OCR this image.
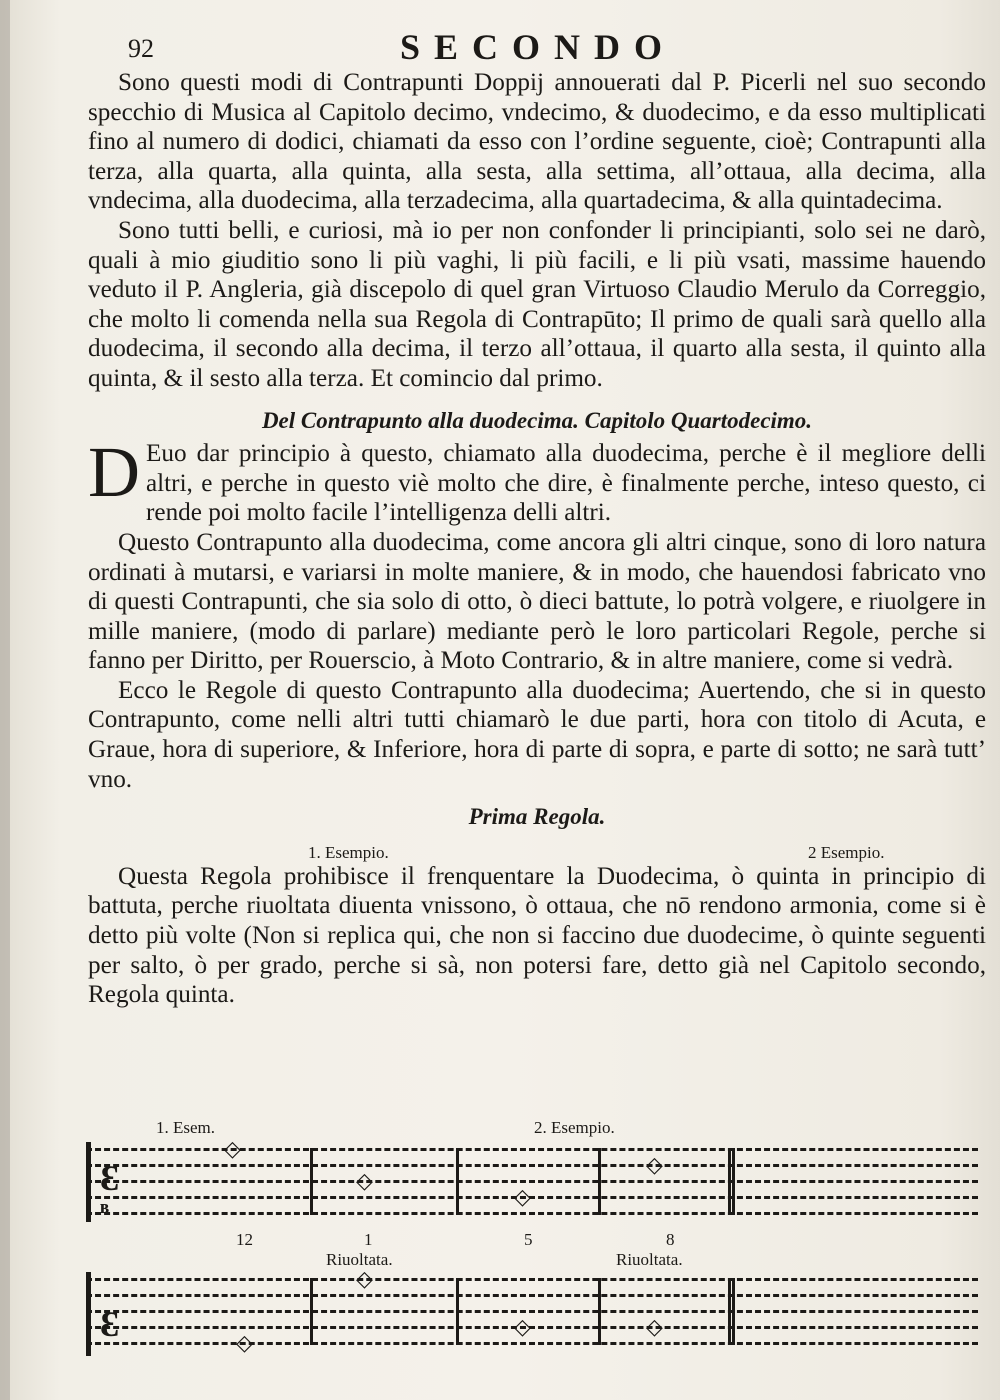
92	SECONDO

Sono questi modi di Contrapunti Doppij annouerati dal P. Picerli nel suo secondo specchio di Musica al Capitolo decimo, vndecimo, & duodecimo, e da esso multiplicati fino al numero di dodici, chiamati da esso con l’ordine seguente, cioè; Contrapunti alla terza, alla quarta, alla quinta, alla sesta, alla settima, all’ottaua, alla decima, alla vndecima, alla duodecima, alla terzadecima, alla quartadecima, & alla quintadecima.

Sono tutti belli, e curiosi, mà io per non confonder li principianti, solo sei ne darò, quali à mio giuditio sono li più vaghi, li più facili, e li più vsati, massime hauendo veduto il P. Angleria, già discepolo di quel gran Virtuoso Claudio Merulo da Correggio, che molto li comenda nella sua Regola di Contrapūto; Il primo de quali sarà quello alla duodecima, il secondo alla decima, il terzo all’ottaua, il quarto alla sesta, il quinto alla quinta, & il sesto alla terza. Et comincio dal primo.

Del Contrapunto alla duodecima. Capitolo Quartodecimo.

D Euo dar principio à questo, chiamato alla duodecima, perche è il megliore delli altri, e perche in questo viè molto che dire, è finalmente perche, inteso questo, ci rende poi molto facile l’intelligenza delli altri.

Questo Contrapunto alla duodecima, come ancora gli altri cinque, sono di loro natura ordinati à mutarsi, e variarsi in molte maniere, & in modo, che hauendosi fabricato vno di questi Contrapunti, che sia solo di otto, ò dieci battute, lo potrà volgere, e riuolgere in mille maniere, (modo di parlare) mediante però le loro particolari Regole, perche si fanno per Diritto, per Rouerscio, à Moto Contrario, & in altre maniere, come si vedrà.

Ecco le Regole di questo Contrapunto alla duodecima; Auertendo, che si in questo Contrapunto, come nelli altri tutti chiamarò le due parti, hora con titolo di Acuta, e Graue, hora di superiore, & Inferiore, hora di parte di sopra, e parte di sotto; ne sarà tutt’ vno.

Prima Regola.

1. Esempio.	2 Esempio.

Questa Regola prohibisce il frenquentare la Duodecima, ò quinta in principio di battuta, perche riuoltata diuenta vnissono, ò ottaua, che nō rendono armonia, come si è detto più volte (Non si replica qui, che non si faccino due duodecime, ò quinte seguenti per salto, ò per grado, perche si sà, non potersi fare, detto già nel Capitolo secondo, Regola quinta.

1. Esem.	2. Esempio.
Ɛ
ᴮ
◇
◇
◇
◇
12	1	5	8
Riuoltata.	Riuoltata.
Ɛ
◇
◇
◇	◇
